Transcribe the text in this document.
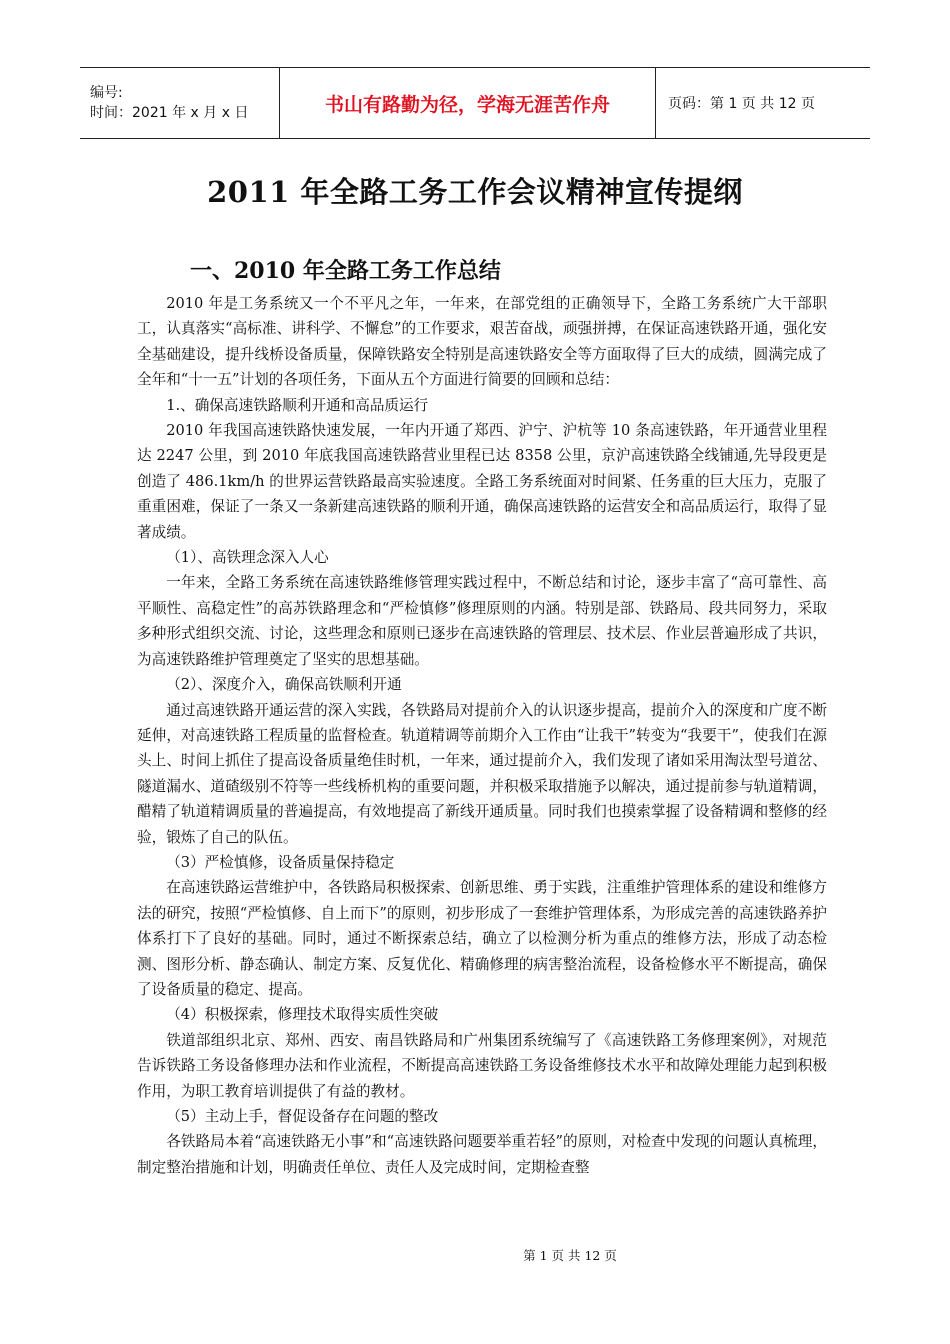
编号:
时间：2021 年 x 月 x 日	书山有路勤为径，学海无涯苦作舟	页码：第 1 页 共 12 页
2011 年全路工务工作会议精神宣传提纲
一、2010 年全路工务工作总结

2010 年是工务系统又一个不平凡之年，一年来，在部党组的正确领导下，全路工务系统广大干部职工，认真落实“高标准、讲科学、不懈怠”的工作要求，艰苦奋战，顽强拼搏，在保证高速铁路开通，强化安全基础建设，提升线桥设备质量，保障铁路安全特别是高速铁路安全等方面取得了巨大的成绩，圆满完成了全年和“十一五”计划的各项任务，下面从五个方面进行简要的回顾和总结：

1.、确保高速铁路顺利开通和高品质运行

2010 年我国高速铁路快速发展，一年内开通了郑西、沪宁、沪杭等 10 条高速铁路，年开通营业里程达 2247 公里，到 2010 年底我国高速铁路营业里程已达 8358 公里，京沪高速铁路全线铺通,先导段更是创造了 486.1km/h 的世界运营铁路最高实验速度。全路工务系统面对时间紧、任务重的巨大压力，克服了重重困难，保证了一条又一条新建高速铁路的顺利开通，确保高速铁路的运营安全和高品质运行，取得了显著成绩。

（1）、高铁理念深入人心

一年来，全路工务系统在高速铁路维修管理实践过程中，不断总结和讨论，逐步丰富了“高可靠性、高平顺性、高稳定性”的高苏铁路理念和“严检慎修”修理原则的内涵。特别是部、铁路局、段共同努力，采取多种形式组织交流、讨论，这些理念和原则已逐步在高速铁路的管理层、技术层、作业层普遍形成了共识，为高速铁路维护管理奠定了坚实的思想基础。

（2）、深度介入，确保高铁顺利开通

通过高速铁路开通运营的深入实践，各铁路局对提前介入的认识逐步提高，提前介入的深度和广度不断延伸，对高速铁路工程质量的监督检查。轨道精调等前期介入工作由“让我干”转变为“我要干”，使我们在源头上、时间上抓住了提高设备质量绝佳时机，一年来，通过提前介入，我们发现了诸如采用淘汰型号道岔、隧道漏水、道碴级别不符等一些线桥机构的重要问题，并积极采取措施予以解决，通过提前参与轨道精调，醋精了轨道精调质量的普遍提高，有效地提高了新线开通质量。同时我们也摸索掌握了设备精调和整修的经验，锻炼了自己的队伍。

（3）严检慎修，设备质量保持稳定

在高速铁路运营维护中，各铁路局积极探索、创新思维、勇于实践，注重维护管理体系的建设和维修方法的研究，按照“严检慎修、自上而下”的原则，初步形成了一套维护管理体系，为形成完善的高速铁路养护体系打下了良好的基础。同时，通过不断探索总结，确立了以检测分析为重点的维修方法，形成了动态检测、图形分析、静态确认、制定方案、反复优化、精确修理的病害整治流程，设备检修水平不断提高，确保了设备质量的稳定、提高。

（4）积极探索，修理技术取得实质性突破

铁道部组织北京、郑州、西安、南昌铁路局和广州集团系统编写了《高速铁路工务修理案例》，对规范告诉铁路工务设备修理办法和作业流程，不断提高高速铁路工务设备维修技术水平和故障处理能力起到积极作用，为职工教育培训提供了有益的教材。

（5）主动上手，督促设备存在问题的整改

各铁路局本着“高速铁路无小事”和“高速铁路问题要举重若轻”的原则，对检查中发现的问题认真梳理，制定整治措施和计划，明确责任单位、责任人及完成时间，定期检查整

第 1 页 共 12 页
